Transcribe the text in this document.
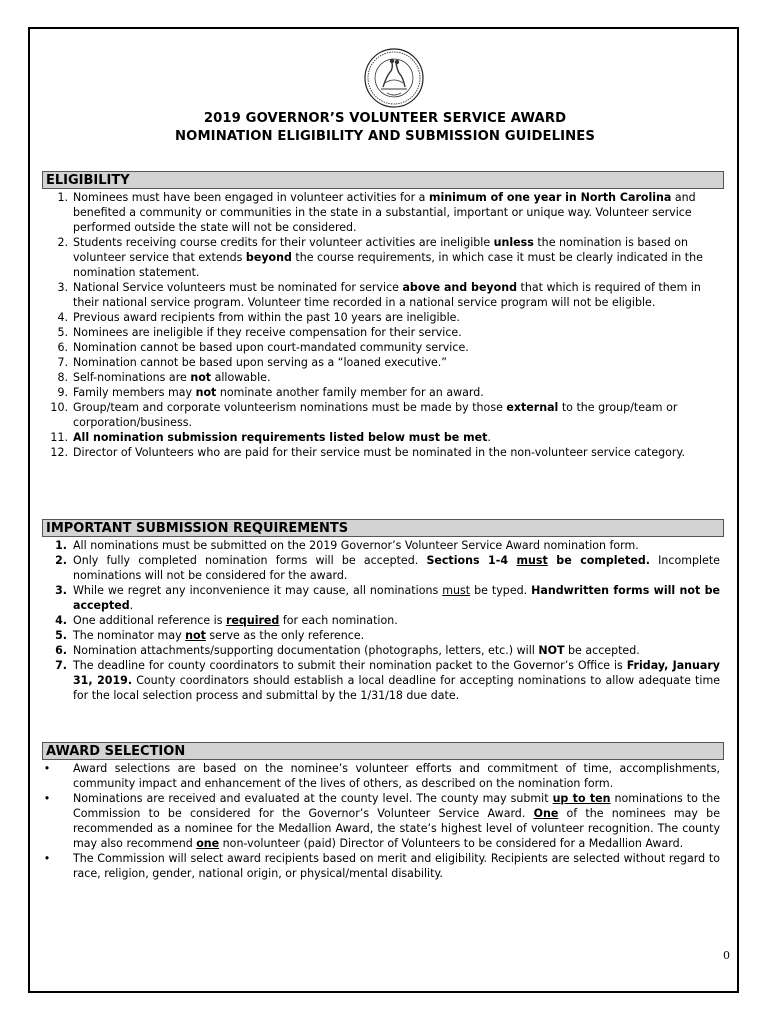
2019 GOVERNOR’S VOLUNTEER SERVICE AWARD
NOMINATION ELIGIBILITY AND SUBMISSION GUIDELINES
ELIGIBILITY
1. Nominees must have been engaged in volunteer activities for a minimum of one year in North Carolina and benefited a community or communities in the state in a substantial, important or unique way. Volunteer service performed outside the state will not be considered.
2. Students receiving course credits for their volunteer activities are ineligible unless the nomination is based on volunteer service that extends beyond the course requirements, in which case it must be clearly indicated in the nomination statement.
3. National Service volunteers must be nominated for service above and beyond that which is required of them in their national service program. Volunteer time recorded in a national service program will not be eligible.
4. Previous award recipients from within the past 10 years are ineligible.
5. Nominees are ineligible if they receive compensation for their service.
6. Nomination cannot be based upon court-mandated community service.
7. Nomination cannot be based upon serving as a “loaned executive.”
8. Self-nominations are not allowable.
9. Family members may not nominate another family member for an award.
10. Group/team and corporate volunteerism nominations must be made by those external to the group/team or corporation/business.
11. All nomination submission requirements listed below must be met.
12. Director of Volunteers who are paid for their service must be nominated in the non-volunteer service category.
IMPORTANT SUBMISSION REQUIREMENTS
1. All nominations must be submitted on the 2019 Governor’s Volunteer Service Award nomination form.
2. Only fully completed nomination forms will be accepted. Sections 1-4 must be completed. Incomplete nominations will not be considered for the award.
3. While we regret any inconvenience it may cause, all nominations must be typed. Handwritten forms will not be accepted.
4. One additional reference is required for each nomination.
5. The nominator may not serve as the only reference.
6. Nomination attachments/supporting documentation (photographs, letters, etc.) will NOT be accepted.
7. The deadline for county coordinators to submit their nomination packet to the Governor’s Office is Friday, January 31, 2019. County coordinators should establish a local deadline for accepting nominations to allow adequate time for the local selection process and submittal by the 1/31/18 due date.
AWARD SELECTION
•	Award selections are based on the nominee’s volunteer efforts and commitment of time, accomplishments, community impact and enhancement of the lives of others, as described on the nomination form.
•	Nominations are received and evaluated at the county level. The county may submit up to ten nominations to the Commission to be considered for the Governor’s Volunteer Service Award. One of the nominees may be recommended as a nominee for the Medallion Award, the state’s highest level of volunteer recognition. The county may also recommend one non-volunteer (paid) Director of Volunteers to be considered for a Medallion Award.
•	The Commission will select award recipients based on merit and eligibility. Recipients are selected without regard to race, religion, gender, national origin, or physical/mental disability.
0
